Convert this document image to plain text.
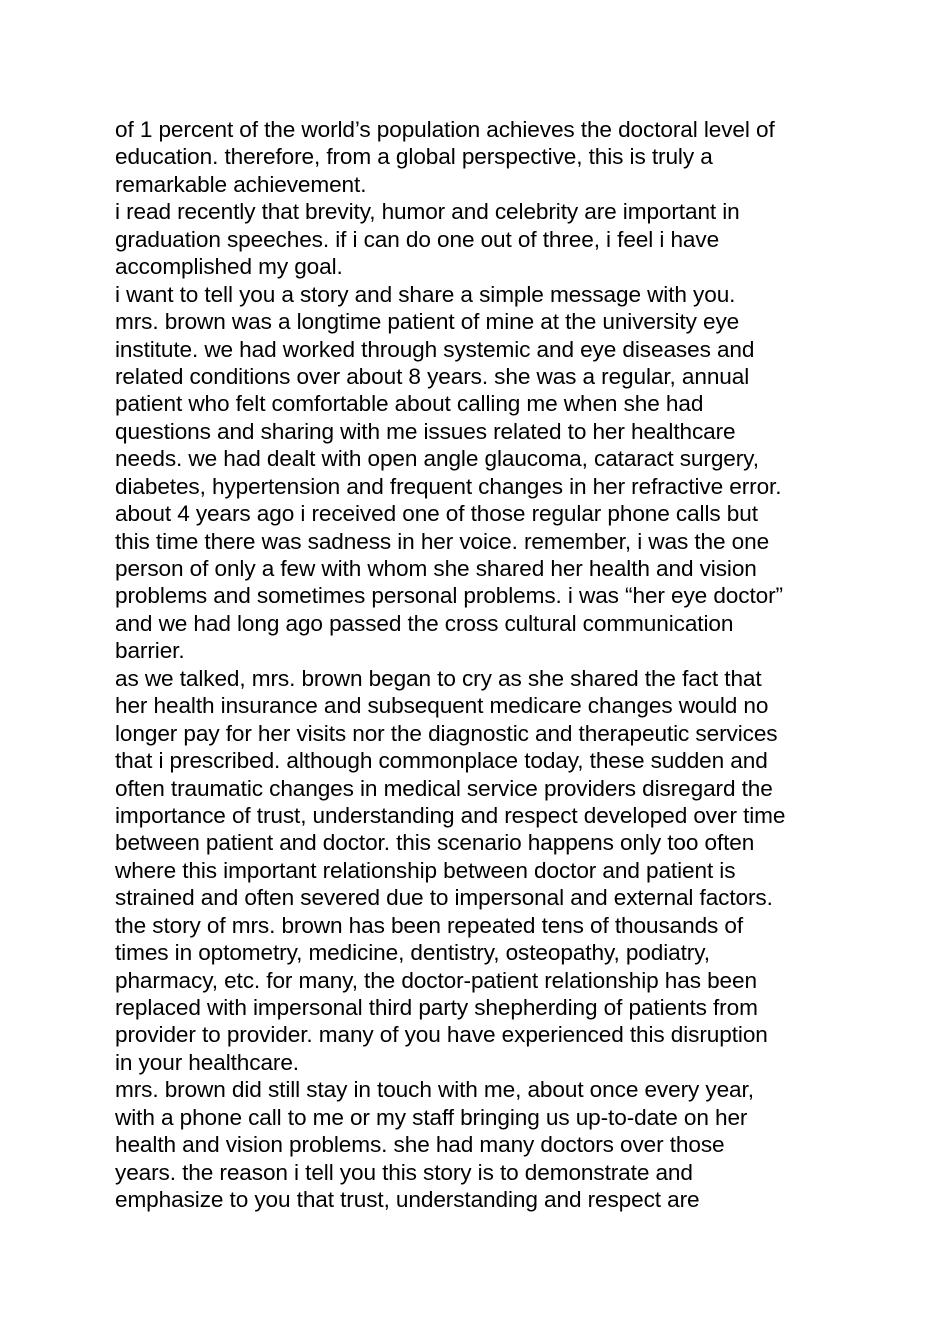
of 1 percent of the world’s population achieves the doctoral level of
education. therefore, from a global perspective, this is truly a
remarkable achievement.
i read recently that brevity, humor and celebrity are important in
graduation speeches. if i can do one out of three, i feel i have
accomplished my goal.
i want to tell you a story and share a simple message with you.
mrs. brown was a longtime patient of mine at the university eye
institute. we had worked through systemic and eye diseases and
related conditions over about 8 years. she was a regular, annual
patient who felt comfortable about calling me when she had
questions and sharing with me issues related to her healthcare
needs. we had dealt with open angle glaucoma, cataract surgery,
diabetes, hypertension and frequent changes in her refractive error.
about 4 years ago i received one of those regular phone calls but
this time there was sadness in her voice. remember, i was the one
person of only a few with whom she shared her health and vision
problems and sometimes personal problems. i was “her eye doctor”
and we had long ago passed the cross cultural communication
barrier.
as we talked, mrs. brown began to cry as she shared the fact that
her health insurance and subsequent medicare changes would no
longer pay for her visits nor the diagnostic and therapeutic services
that i prescribed. although commonplace today, these sudden and
often traumatic changes in medical service providers disregard the
importance of trust, understanding and respect developed over time
between patient and doctor. this scenario happens only too often
where this important relationship between doctor and patient is
strained and often severed due to impersonal and external factors.
the story of mrs. brown has been repeated tens of thousands of
times in optometry, medicine, dentistry, osteopathy, podiatry,
pharmacy, etc. for many, the doctor-patient relationship has been
replaced with impersonal third party shepherding of patients from
provider to provider. many of you have experienced this disruption
in your healthcare.
mrs. brown did still stay in touch with me, about once every year,
with a phone call to me or my staff bringing us up-to-date on her
health and vision problems. she had many doctors over those
years. the reason i tell you this story is to demonstrate and
emphasize to you that trust, understanding and respect are
